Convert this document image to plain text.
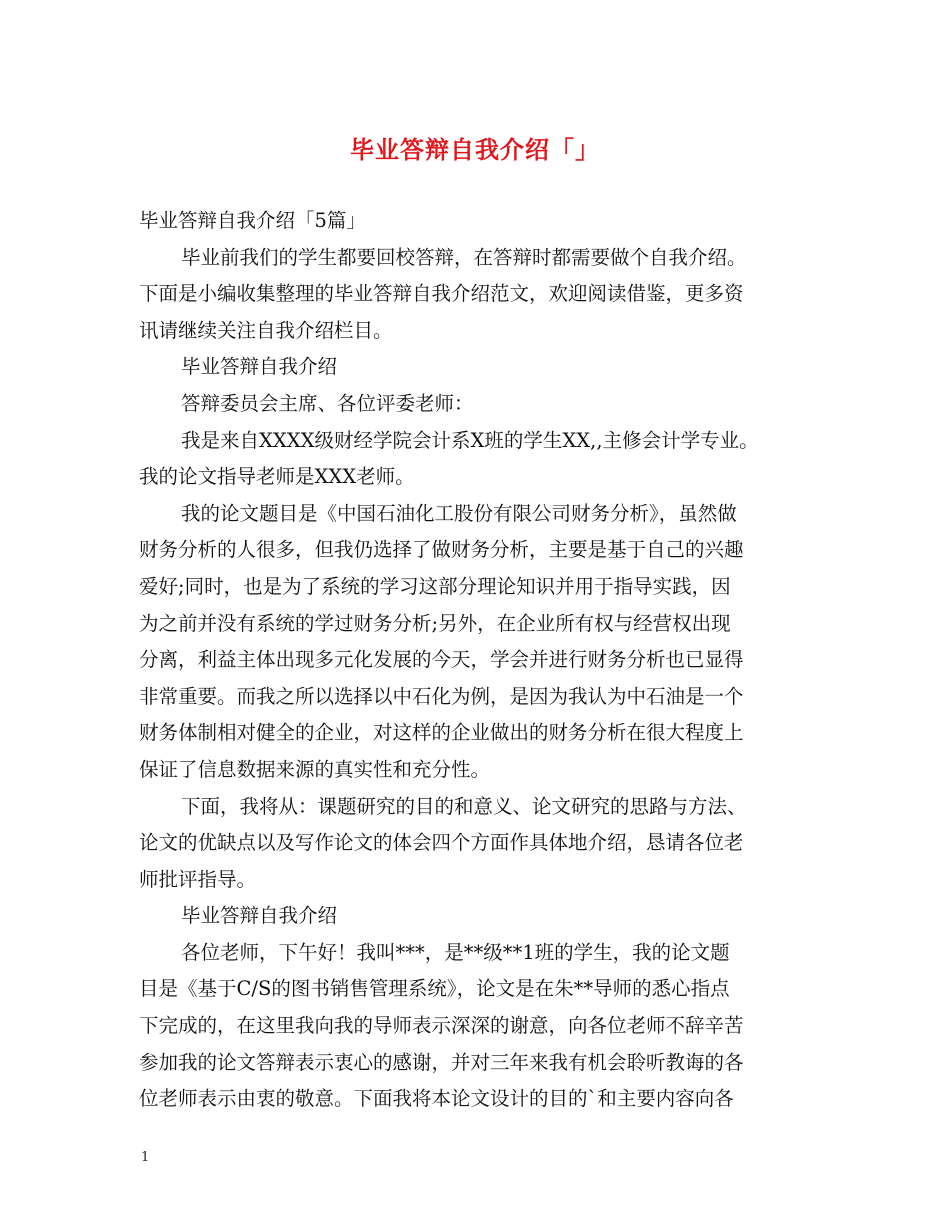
毕业答辩自我介绍「」

毕业答辩自我介绍「5篇」

毕业前我们的学生都要回校答辩，在答辩时都需要做个自我介绍。

下面是小编收集整理的毕业答辩自我介绍范文，欢迎阅读借鉴，更多资

讯请继续关注自我介绍栏目。

毕业答辩自我介绍

答辩委员会主席、各位评委老师：

我是来自XXXX级财经学院会计系X班的学生XX,,主修会计学专业。

我的论文指导老师是XXX老师。

我的论文题目是《中国石油化工股份有限公司财务分析》，虽然做

财务分析的人很多，但我仍选择了做财务分析，主要是基于自己的兴趣

爱好;同时，也是为了系统的学习这部分理论知识并用于指导实践，因

为之前并没有系统的学过财务分析;另外，在企业所有权与经营权出现

分离，利益主体出现多元化发展的今天，学会并进行财务分析也已显得

非常重要。而我之所以选择以中石化为例，是因为我认为中石油是一个

财务体制相对健全的企业，对这样的企业做出的财务分析在很大程度上

保证了信息数据来源的真实性和充分性。

下面，我将从：课题研究的目的和意义、论文研究的思路与方法、

论文的优缺点以及写作论文的体会四个方面作具体地介绍，恳请各位老

师批评指导。

毕业答辩自我介绍

各位老师，下午好！我叫***，是**级**1班的学生，我的论文题

目是《基于C/S的图书销售管理系统》，论文是在朱**导师的悉心指点

下完成的，在这里我向我的导师表示深深的谢意，向各位老师不辞辛苦

参加我的论文答辩表示衷心的感谢，并对三年来我有机会聆听教诲的各

位老师表示由衷的敬意。下面我将本论文设计的目的`和主要内容向各

1
